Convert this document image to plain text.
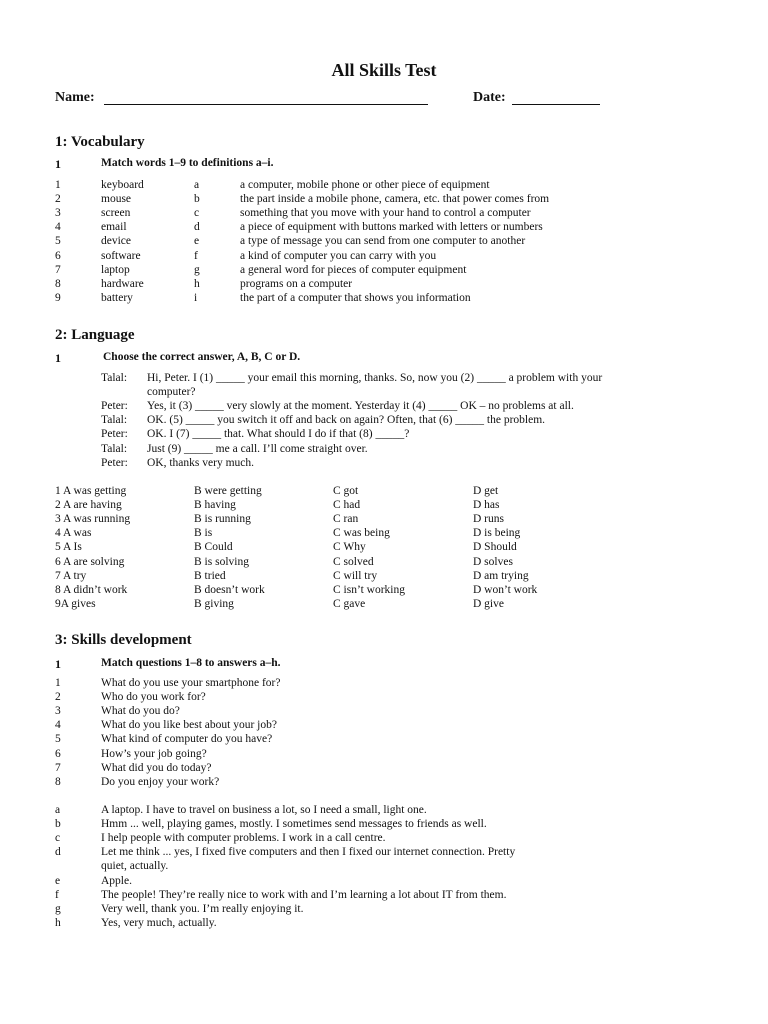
All Skills Test
Name:	Date:
1: Vocabulary
1	Match words 1–9 to definitions a–i.
1	keyboard	a	a computer, mobile phone or other piece of equipment
2	mouse	b	the part inside a mobile phone, camera, etc. that power comes from
3	screen	c	something that you move with your hand to control a computer
4	email	d	a piece of equipment with buttons marked with letters or numbers
5	device	e	a type of message you can send from one computer to another
6	software	f	a kind of computer you can carry with you
7	laptop	g	a general word for pieces of computer equipment
8	hardware	h	programs on a computer
9	battery	i	the part of a computer that shows you information
2: Language
1	Choose the correct answer, A, B, C or D.
Talal: Hi, Peter. I (1) _____ your email this morning, thanks. So, now you (2) _____ a problem with your
computer?
Peter: Yes, it (3) _____ very slowly at the moment. Yesterday it (4) _____ OK – no problems at all.
Talal: OK. (5) _____ you switch it off and back on again? Often, that (6) _____ the problem.
Peter: OK. I (7) _____ that. What should I do if that (8) _____?
Talal: Just (9) _____ me a call. I’ll come straight over.
Peter: OK, thanks very much.
1 A was getting	B were getting	C got	D get
2 A are having	B having	C had	D has
3 A was running	B is running	C ran	D runs
4 A was	B is	C was being	D is being
5 A Is	B Could	C Why	D Should
6 A are solving	B is solving	C solved	D solves
7 A try	B tried	C will try	D am trying
8 A didn’t work	B doesn’t work	C isn’t working	D won’t work
9A gives	B giving	C gave	D give
3: Skills development
1	Match questions 1–8 to answers a–h.
1	What do you use your smartphone for?
2	Who do you work for?
3	What do you do?
4	What do you like best about your job?
5	What kind of computer do you have?
6	How’s your job going?
7	What did you do today?
8	Do you enjoy your work?
a	A laptop. I have to travel on business a lot, so I need a small, light one.
b	Hmm ... well, playing games, mostly. I sometimes send messages to friends as well.
c	I help people with computer problems. I work in a call centre.
d	Let me think ... yes, I fixed five computers and then I fixed our internet connection. Pretty
quiet, actually.
e	Apple.
f	The people! They’re really nice to work with and I’m learning a lot about IT from them.
g	Very well, thank you. I’m really enjoying it.
h	Yes, very much, actually.
